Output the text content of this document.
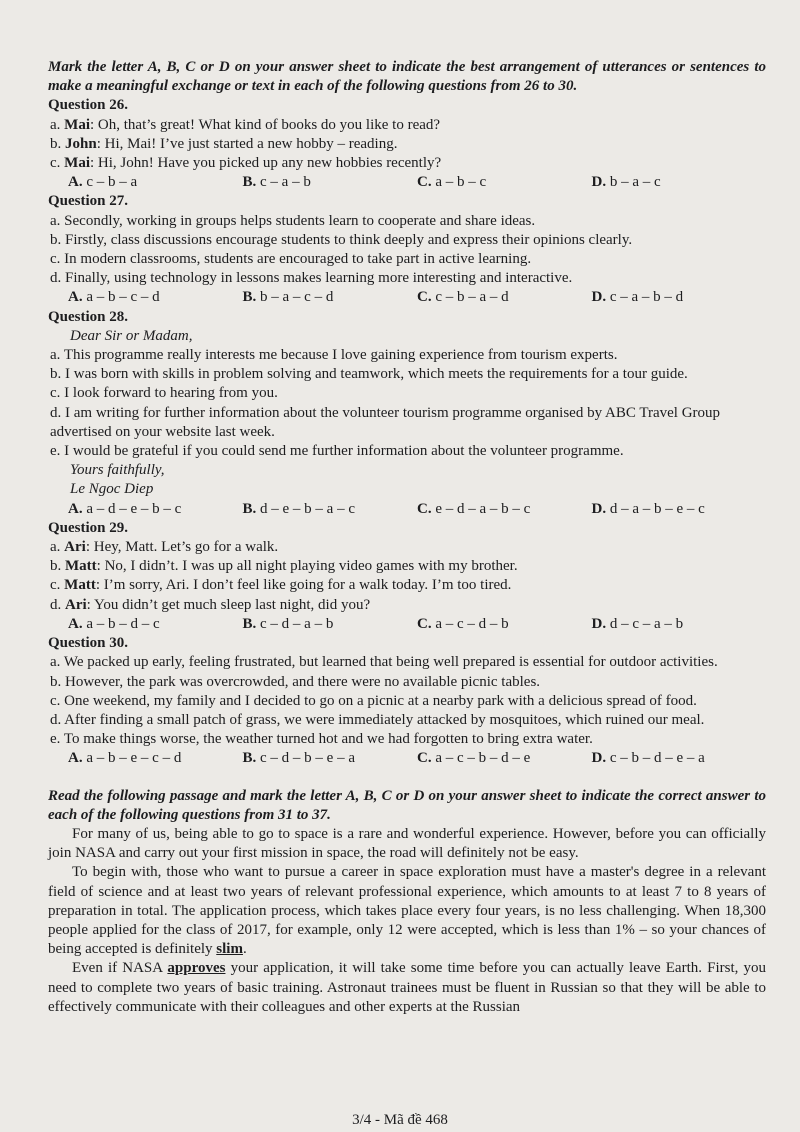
Mark the letter A, B, C or D on your answer sheet to indicate the best arrangement of utterances or sentences to make a meaningful exchange or text in each of the following questions from 26 to 30.
Question 26.
a. Mai: Oh, that’s great! What kind of books do you like to read?
b. John: Hi, Mai! I’ve just started a new hobby – reading.
c. Mai: Hi, John! Have you picked up any new hobbies recently?
A. c – b – a	B. c – a – b	C. a – b – c	D. b – a – c
Question 27.
a. Secondly, working in groups helps students learn to cooperate and share ideas.
b. Firstly, class discussions encourage students to think deeply and express their opinions clearly.
c. In modern classrooms, students are encouraged to take part in active learning.
d. Finally, using technology in lessons makes learning more interesting and interactive.
A. a – b – c – d	B. b – a – c – d	C. c – b – a – d	D. c – a – b – d
Question 28.
Dear Sir or Madam,
a. This programme really interests me because I love gaining experience from tourism experts.
b. I was born with skills in problem solving and teamwork, which meets the requirements for a tour guide.
c. I look forward to hearing from you.
d. I am writing for further information about the volunteer tourism programme organised by ABC Travel Group advertised on your website last week.
e. I would be grateful if you could send me further information about the volunteer programme.
Yours faithfully,
Le Ngoc Diep
A. a – d – e – b – c	B. d – e – b – a – c	C. e – d – a – b – c	D. d – a – b – e – c
Question 29.
a. Ari: Hey, Matt. Let’s go for a walk.
b. Matt: No, I didn’t. I was up all night playing video games with my brother.
c. Matt: I’m sorry, Ari. I don’t feel like going for a walk today. I’m too tired.
d. Ari: You didn’t get much sleep last night, did you?
A. a – b – d – c	B. c – d – a – b	C. a – c – d – b	D. d – c – a – b
Question 30.
a. We packed up early, feeling frustrated, but learned that being well prepared is essential for outdoor activities.
b. However, the park was overcrowded, and there were no available picnic tables.
c. One weekend, my family and I decided to go on a picnic at a nearby park with a delicious spread of food.
d. After finding a small patch of grass, we were immediately attacked by mosquitoes, which ruined our meal.
e. To make things worse, the weather turned hot and we had forgotten to bring extra water.
A. a – b – e – c – d	B. c – d – b – e – a	C. a – c – b – d – e	D. c – b – d – e – a
Read the following passage and mark the letter A, B, C or D on your answer sheet to indicate the correct answer to each of the following questions from 31 to 37.
For many of us, being able to go to space is a rare and wonderful experience. However, before you can officially join NASA and carry out your first mission in space, the road will definitely not be easy.
To begin with, those who want to pursue a career in space exploration must have a master's degree in a relevant field of science and at least two years of relevant professional experience, which amounts to at least 7 to 8 years of preparation in total. The application process, which takes place every four years, is no less challenging. When 18,300 people applied for the class of 2017, for example, only 12 were accepted, which is less than 1% – so your chances of being accepted is definitely slim.
Even if NASA approves your application, it will take some time before you can actually leave Earth. First, you need to complete two years of basic training. Astronaut trainees must be fluent in Russian so that they will be able to effectively communicate with their colleagues and other experts at the Russian
3/4 - Mã đề 468
